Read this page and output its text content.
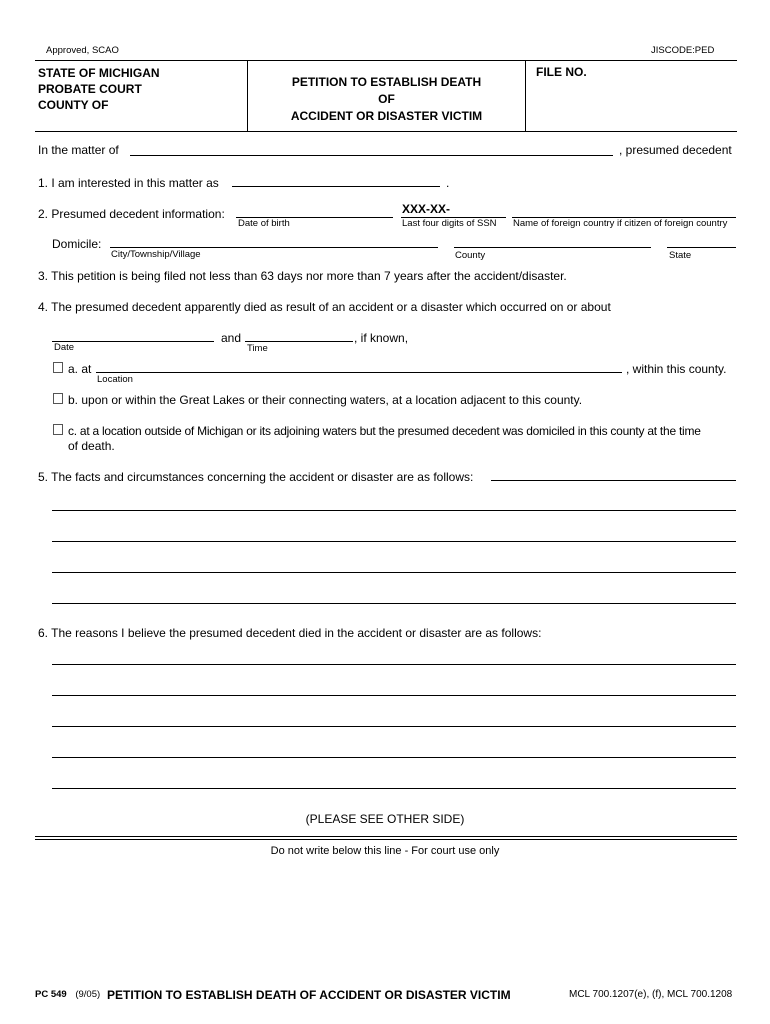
Approved, SCAO	JISCODE:PED
STATE OF MICHIGAN
PROBATE COURT
COUNTY OF
PETITION TO ESTABLISH DEATH
OF
ACCIDENT OR DISASTER VICTIM
FILE NO.
In the matter of	, presumed decedent
1. I am interested in this matter as	.
2. Presumed decedent information:
Date of birth
XXX-XX-
Last four digits of SSN Name of foreign country if citizen of foreign country
Domicile:
City/Township/Village	County	State
3. This petition is being filed not less than 63 days nor more than 7 years after the accident/disaster.
4. The presumed decedent apparently died as result of an accident or a disaster which occurred on or about
Date
and
Time
, if known,
a. at
Location
, within this county.
b. upon or within the Great Lakes or their connecting waters, at a location adjacent to this county.
c. at a location outside of Michigan or its adjoining waters but the presumed decedent was domiciled in this county at the time
of death.
5. The facts and circumstances concerning the accident or disaster are as follows:
6. The reasons I believe the presumed decedent died in the accident or disaster are as follows:
(PLEASE SEE OTHER SIDE)
Do not write below this line - For court use only
PC 549 (9/05) PETITION TO ESTABLISH DEATH OF ACCIDENT OR DISASTER VICTIM	MCL 700.1207(e), (f), MCL 700.1208
